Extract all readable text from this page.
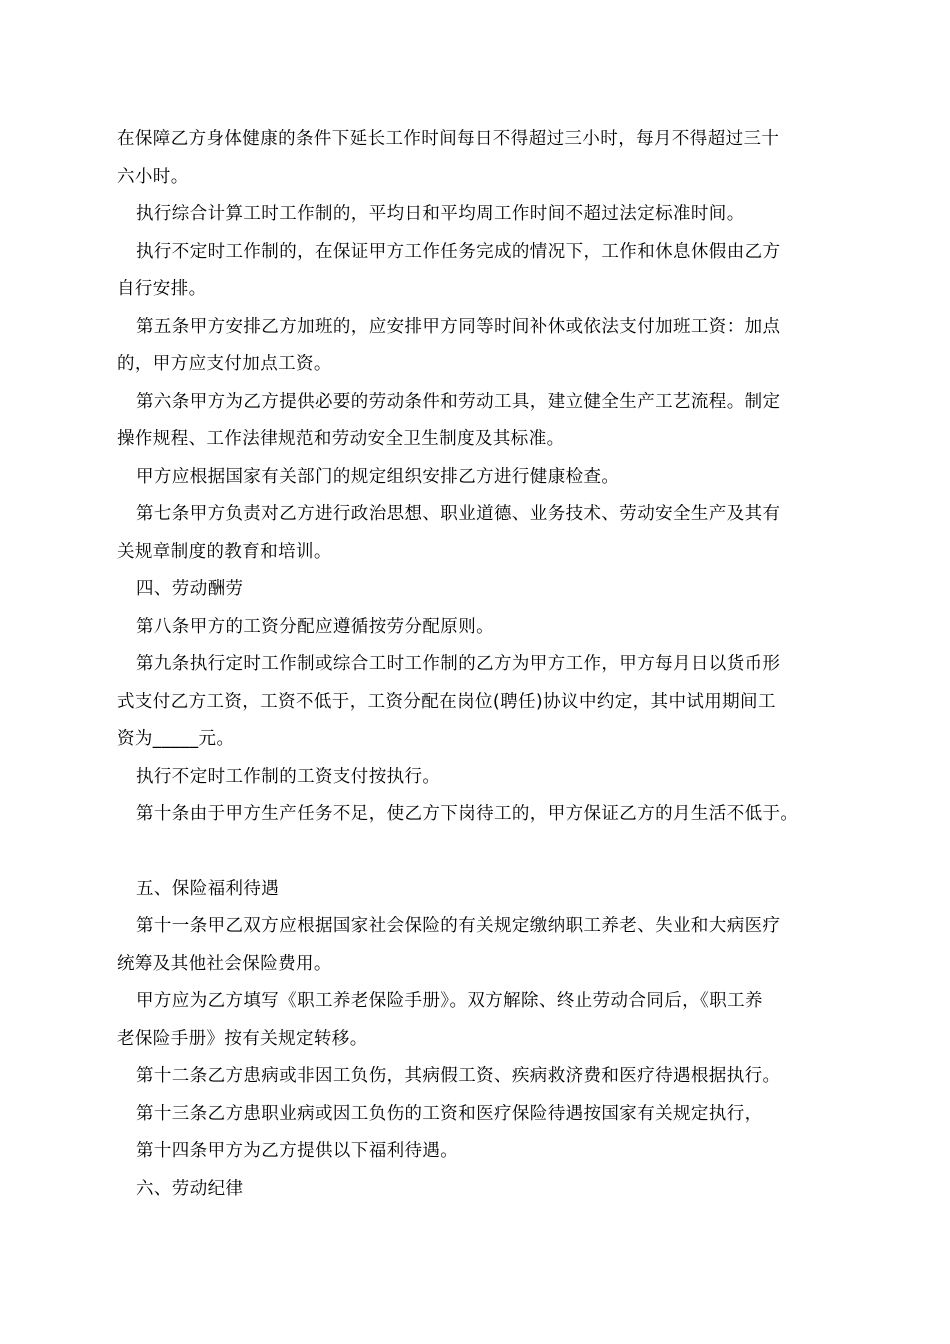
在保障乙方身体健康的条件下延长工作时间每日不得超过三小时，每月不得超过三十
六小时。
执行综合计算工时工作制的，平均日和平均周工作时间不超过法定标准时间。
执行不定时工作制的，在保证甲方工作任务完成的情况下，工作和休息休假由乙方
自行安排。
第五条甲方安排乙方加班的，应安排甲方同等时间补休或依法支付加班工资：加点
的，甲方应支付加点工资。
第六条甲方为乙方提供必要的劳动条件和劳动工具，建立健全生产工艺流程。制定
操作规程、工作法律规范和劳动安全卫生制度及其标准。
甲方应根据国家有关部门的规定组织安排乙方进行健康检查。
第七条甲方负责对乙方进行政治思想、职业道德、业务技术、劳动安全生产及其有
关规章制度的教育和培训。
四、劳动酬劳
第八条甲方的工资分配应遵循按劳分配原则。
第九条执行定时工作制或综合工时工作制的乙方为甲方工作，甲方每月日以货币形
式支付乙方工资，工资不低于，工资分配在岗位(聘任)协议中约定，其中试用期间工
资为_____元。
执行不定时工作制的工资支付按执行。
第十条由于甲方生产任务不足，使乙方下岗待工的，甲方保证乙方的月生活不低于。
五、保险福利待遇
第十一条甲乙双方应根据国家社会保险的有关规定缴纳职工养老、失业和大病医疗
统筹及其他社会保险费用。
甲方应为乙方填写《职工养老保险手册》。双方解除、终止劳动合同后，《职工养
老保险手册》按有关规定转移。
第十二条乙方患病或非因工负伤，其病假工资、疾病救济费和医疗待遇根据执行。
第十三条乙方患职业病或因工负伤的工资和医疗保险待遇按国家有关规定执行，
第十四条甲方为乙方提供以下福利待遇。
六、劳动纪律
